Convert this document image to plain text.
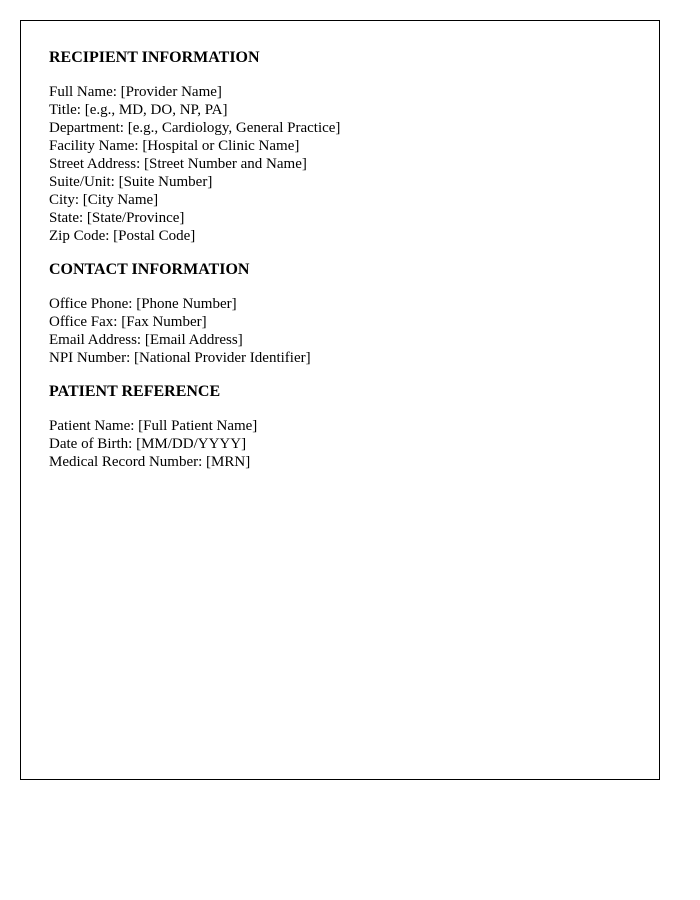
RECIPIENT INFORMATION
Full Name: [Provider Name]
Title: [e.g., MD, DO, NP, PA]
Department: [e.g., Cardiology, General Practice]
Facility Name: [Hospital or Clinic Name]
Street Address: [Street Number and Name]
Suite/Unit: [Suite Number]
City: [City Name]
State: [State/Province]
Zip Code: [Postal Code]
CONTACT INFORMATION
Office Phone: [Phone Number]
Office Fax: [Fax Number]
Email Address: [Email Address]
NPI Number: [National Provider Identifier]
PATIENT REFERENCE
Patient Name: [Full Patient Name]
Date of Birth: [MM/DD/YYYY]
Medical Record Number: [MRN]
